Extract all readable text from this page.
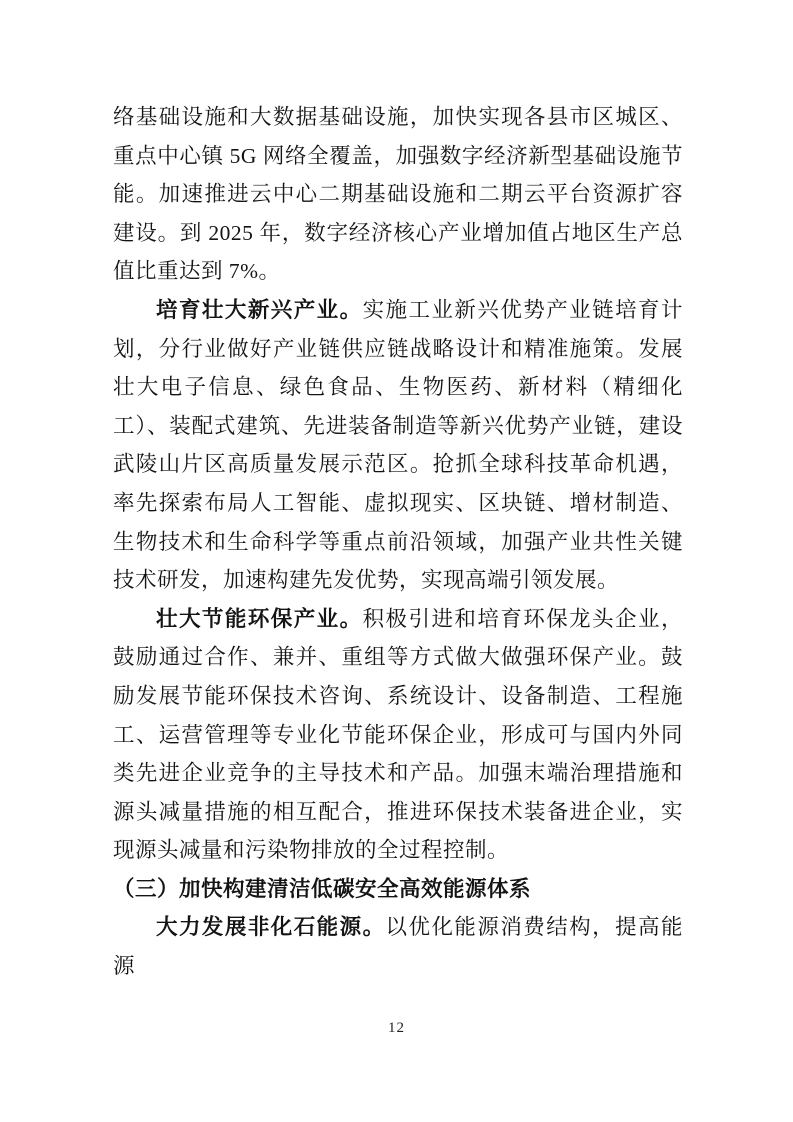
络基础设施和大数据基础设施，加快实现各县市区城区、重点中心镇 5G 网络全覆盖，加强数字经济新型基础设施节能。加速推进云中心二期基础设施和二期云平台资源扩容建设。到 2025 年，数字经济核心产业增加值占地区生产总值比重达到 7%。

培育壮大新兴产业。实施工业新兴优势产业链培育计划，分行业做好产业链供应链战略设计和精准施策。发展壮大电子信息、绿色食品、生物医药、新材料（精细化工）、装配式建筑、先进装备制造等新兴优势产业链，建设武陵山片区高质量发展示范区。抢抓全球科技革命机遇，率先探索布局人工智能、虚拟现实、区块链、增材制造、生物技术和生命科学等重点前沿领域，加强产业共性关键技术研发，加速构建先发优势，实现高端引领发展。

壮大节能环保产业。积极引进和培育环保龙头企业，鼓励通过合作、兼并、重组等方式做大做强环保产业。鼓励发展节能环保技术咨询、系统设计、设备制造、工程施工、运营管理等专业化节能环保企业，形成可与国内外同类先进企业竞争的主导技术和产品。加强末端治理措施和源头减量措施的相互配合，推进环保技术装备进企业，实现源头减量和污染物排放的全过程控制。

（三）加快构建清洁低碳安全高效能源体系

大力发展非化石能源。以优化能源消费结构，提高能源

12
